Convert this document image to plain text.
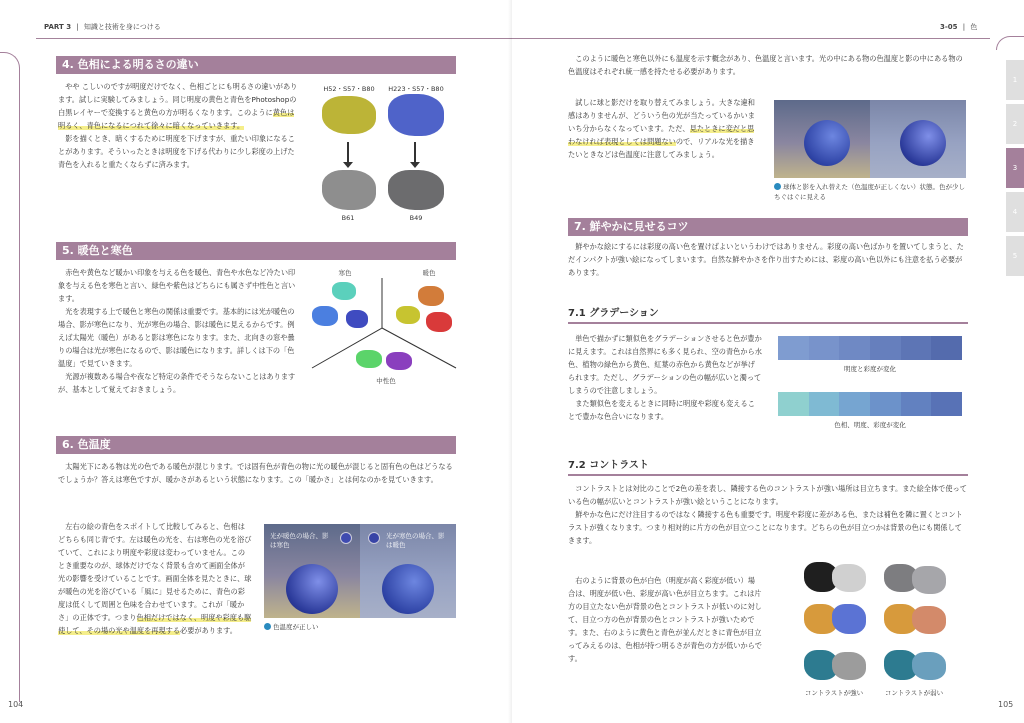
PART 3 | 知識と技術を身につける
4. 色相による明るさの違い

やや こしいのですが明度だけでなく、色相ごとにも明るさの違いがあります。試しに実験してみましょう。同じ明度の黄色と青色をPhotoshopの白黒レイヤーで変換すると黄色の方が明るくなります。このように黄色は明るく、青色になるにつれて徐々に暗くなっていきます。

影を描くとき、暗くするために明度を下げますが、重たい印象になることがあります。そういったときは明度を下げる代わりに少し彩度の上げた青色を入れると重たくならずに済みます。

H52・S57・B80	H223・S57・B80
B61	B49
5. 暖色と寒色

赤色や黄色など暖かい印象を与える色を暖色、青色や水色など冷たい印象を与える色を寒色と言い、緑色や紫色はどちらにも属さず中性色と言います。

光を表現する上で暖色と寒色の関係は重要です。基本的には光が暖色の場合、影が寒色になり、光が寒色の場合、影は暖色に見えるからです。例えば太陽光（暖色）があると影は寒色になります。また、北向きの窓や曇りの場合は光が寒色になるので、影は暖色になります。詳しくは下の「色温度」で見ていきます。

光源が複数ある場合や夜など特定の条件でそうならないことはありますが、基本として覚えておきましょう。

寒色	暖色
中性色
6. 色温度

太陽光下にある物は光の色である暖色が混じります。では固有色が青色の物に光の暖色が混じると固有色の色はどうなるでしょうか？答えは寒色ですが、暖かさがあるという状態になります。この「暖かさ」とは何なのかを見ていきます。

左右の絵の青色をスポイトして比較してみると、色相はどちらも同じ青です。左は暖色の光を、右は寒色の光を浴びていて、これにより明度や彩度は変わっていません。このとき重要なのが、球体だけでなく背景も含めて画面全体が光の影響を受けていることです。画面全体を見たときに、球が暖色の光を浴びている「風に」見せるために、青色の彩度は低くして周囲と色味を合わせています。これが「暖かさ」の正体です。つまり色相だけではなく、明度や彩度も駆使して、その場の光や温度を再現する必要があります。

光が暖色の場合、影は寒色
光が寒色の場合、影は暖色
色温度が正しい
104
3-05 | 色

このように暖色と寒色以外にも温度を示す概念があり、色温度と言います。光の中にある物の色温度と影の中にある物の色温度はそれぞれ統一感を持たせる必要があります。

試しに球と影だけを取り替えてみましょう。大きな違和感はありませんが、どういう色の光が当たっているかいまいち分からなくなっています。ただ、見たときに変だと思わなければ表現としては問題ないので、リアルな光を描きたいときなどは色温度に注意してみましょう。

球体と影を入れ替えた（色温度が正しくない）状態。色が少しちぐはぐに見える
7. 鮮やかに見せるコツ

鮮やかな絵にするには彩度の高い色を置けばよいというわけではありません。彩度の高い色ばかりを置いてしまうと、ただインパクトが強い絵になってしまいます。自然な鮮やかさを作り出すためには、彩度の高い色以外にも注意を払う必要があります。

7.1 グラデーション

単色で描かずに類似色をグラデーションさせると色が豊かに見えます。これは自然界にも多く見られ、空の青色から水色、植物の緑色から黄色、紅葉の赤色から黄色などが挙げられます。ただし、グラデーションの色の幅が広いと濁ってしまうので注意しましょう。

また類似色を変えるときに同時に明度や彩度も変えることで豊かな色合いになります。

明度と彩度が変化
色相、明度、彩度が変化
7.2 コントラスト

コントラストとは対比のことで2色の差を表し、隣接する色のコントラストが強い場所は目立ちます。また絵全体で使っている色の幅が広いとコントラストが強い絵ということになります。

鮮やかな色にだけ注目するのではなく隣接する色も重要です。明度や彩度に差がある色、または補色を隣に置くとコントラストが強くなります。つまり相対的に片方の色が目立つことになります。どちらの色が目立つかは背景の色にも関係してきます。

右のように背景の色が白色（明度が高く彩度が低い）場合は、明度が低い色、彩度が高い色が目立ちます。これは片方の目立たない色が背景の色とコントラストが低いのに対して、目立つ方の色が背景の色とコントラストが強いためです。また、右のように黄色と青色が並んだときに青色が目立ってみえるのは、色相が持つ明るさが青色の方が低いからです。

コントラストが強い	コントラストが弱い
1
2
3
4
5
105
